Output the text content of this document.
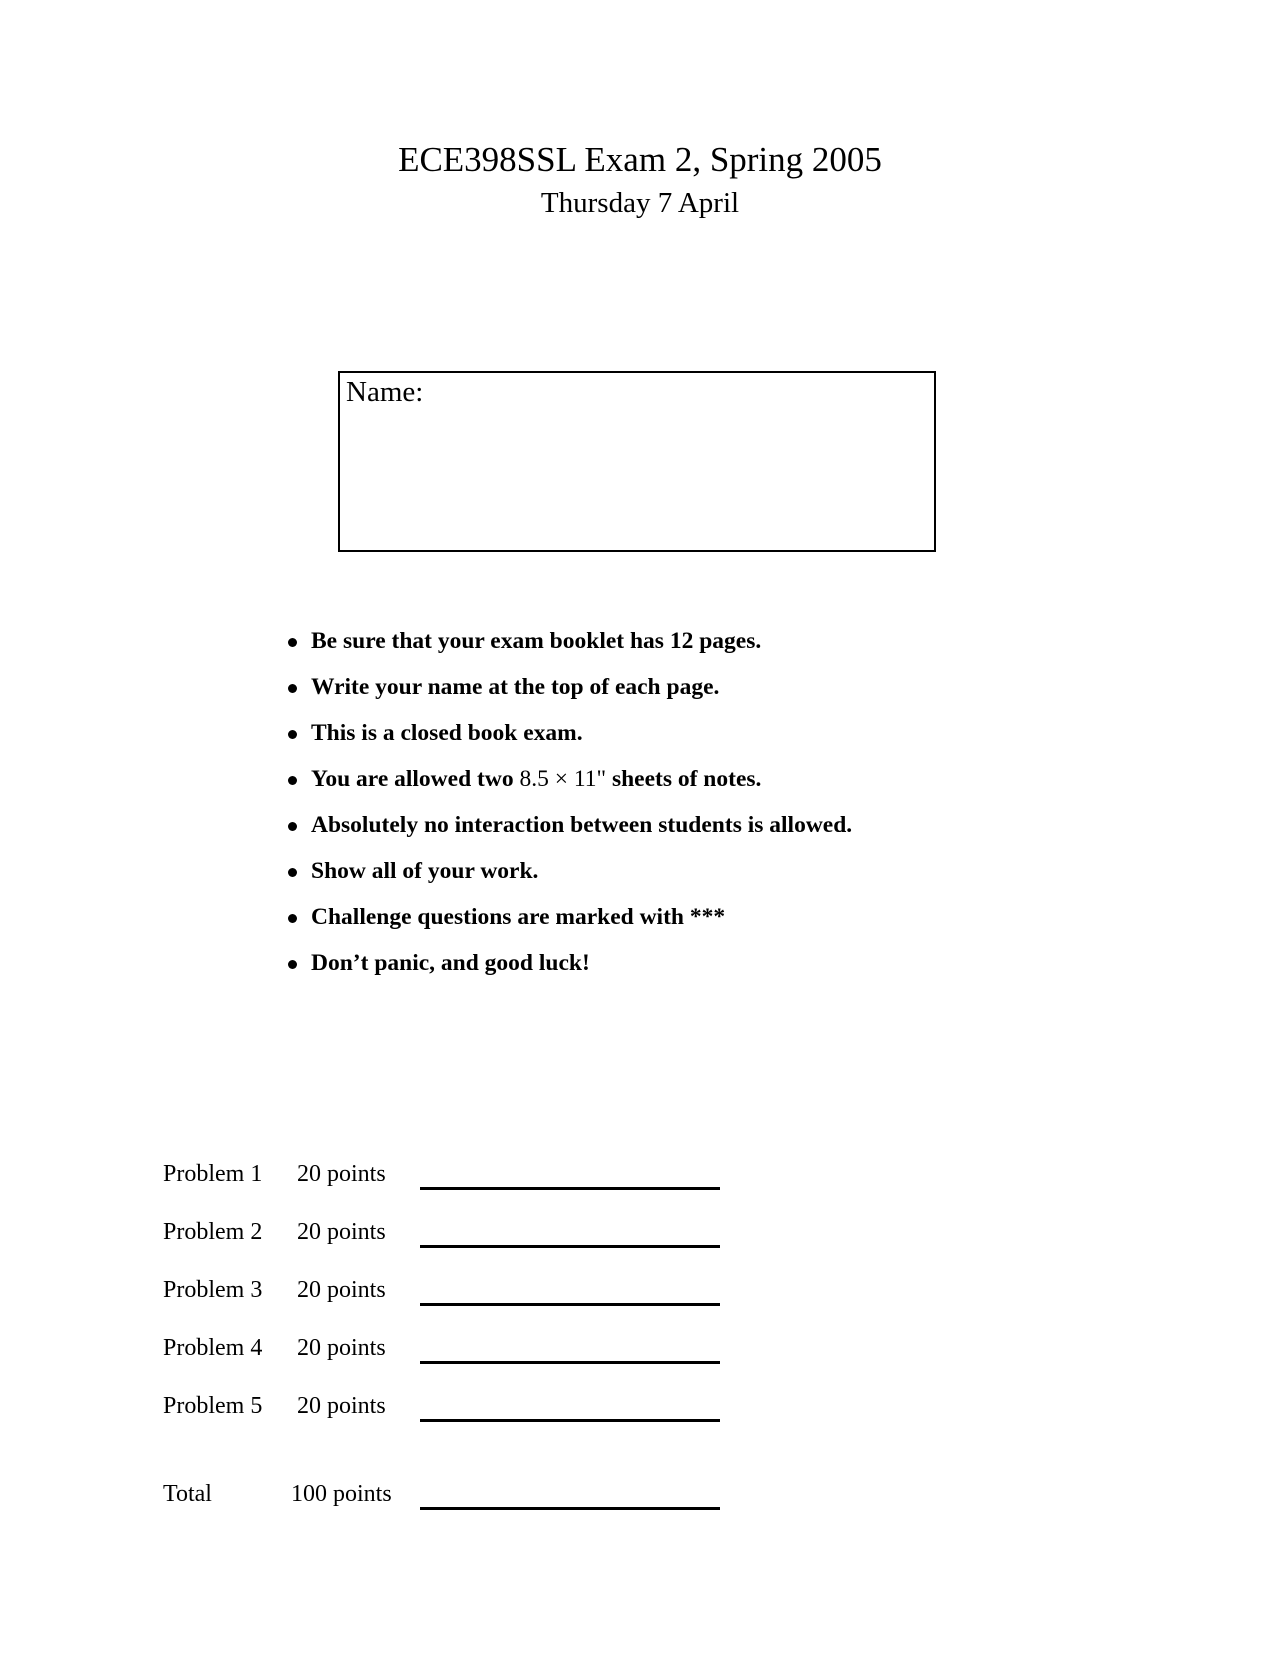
ECE398SSL Exam 2, Spring 2005
Thursday 7 April
Name:
Be sure that your exam booklet has 12 pages.
Write your name at the top of each page.
This is a closed book exam.
You are allowed two 8.5 × 11" sheets of notes.
Absolutely no interaction between students is allowed.
Show all of your work.
Challenge questions are marked with ***
Don’t panic, and good luck!
Problem 1 20 points
Problem 2 20 points
Problem 3 20 points
Problem 4 20 points
Problem 5 20 points
Total	100 points
